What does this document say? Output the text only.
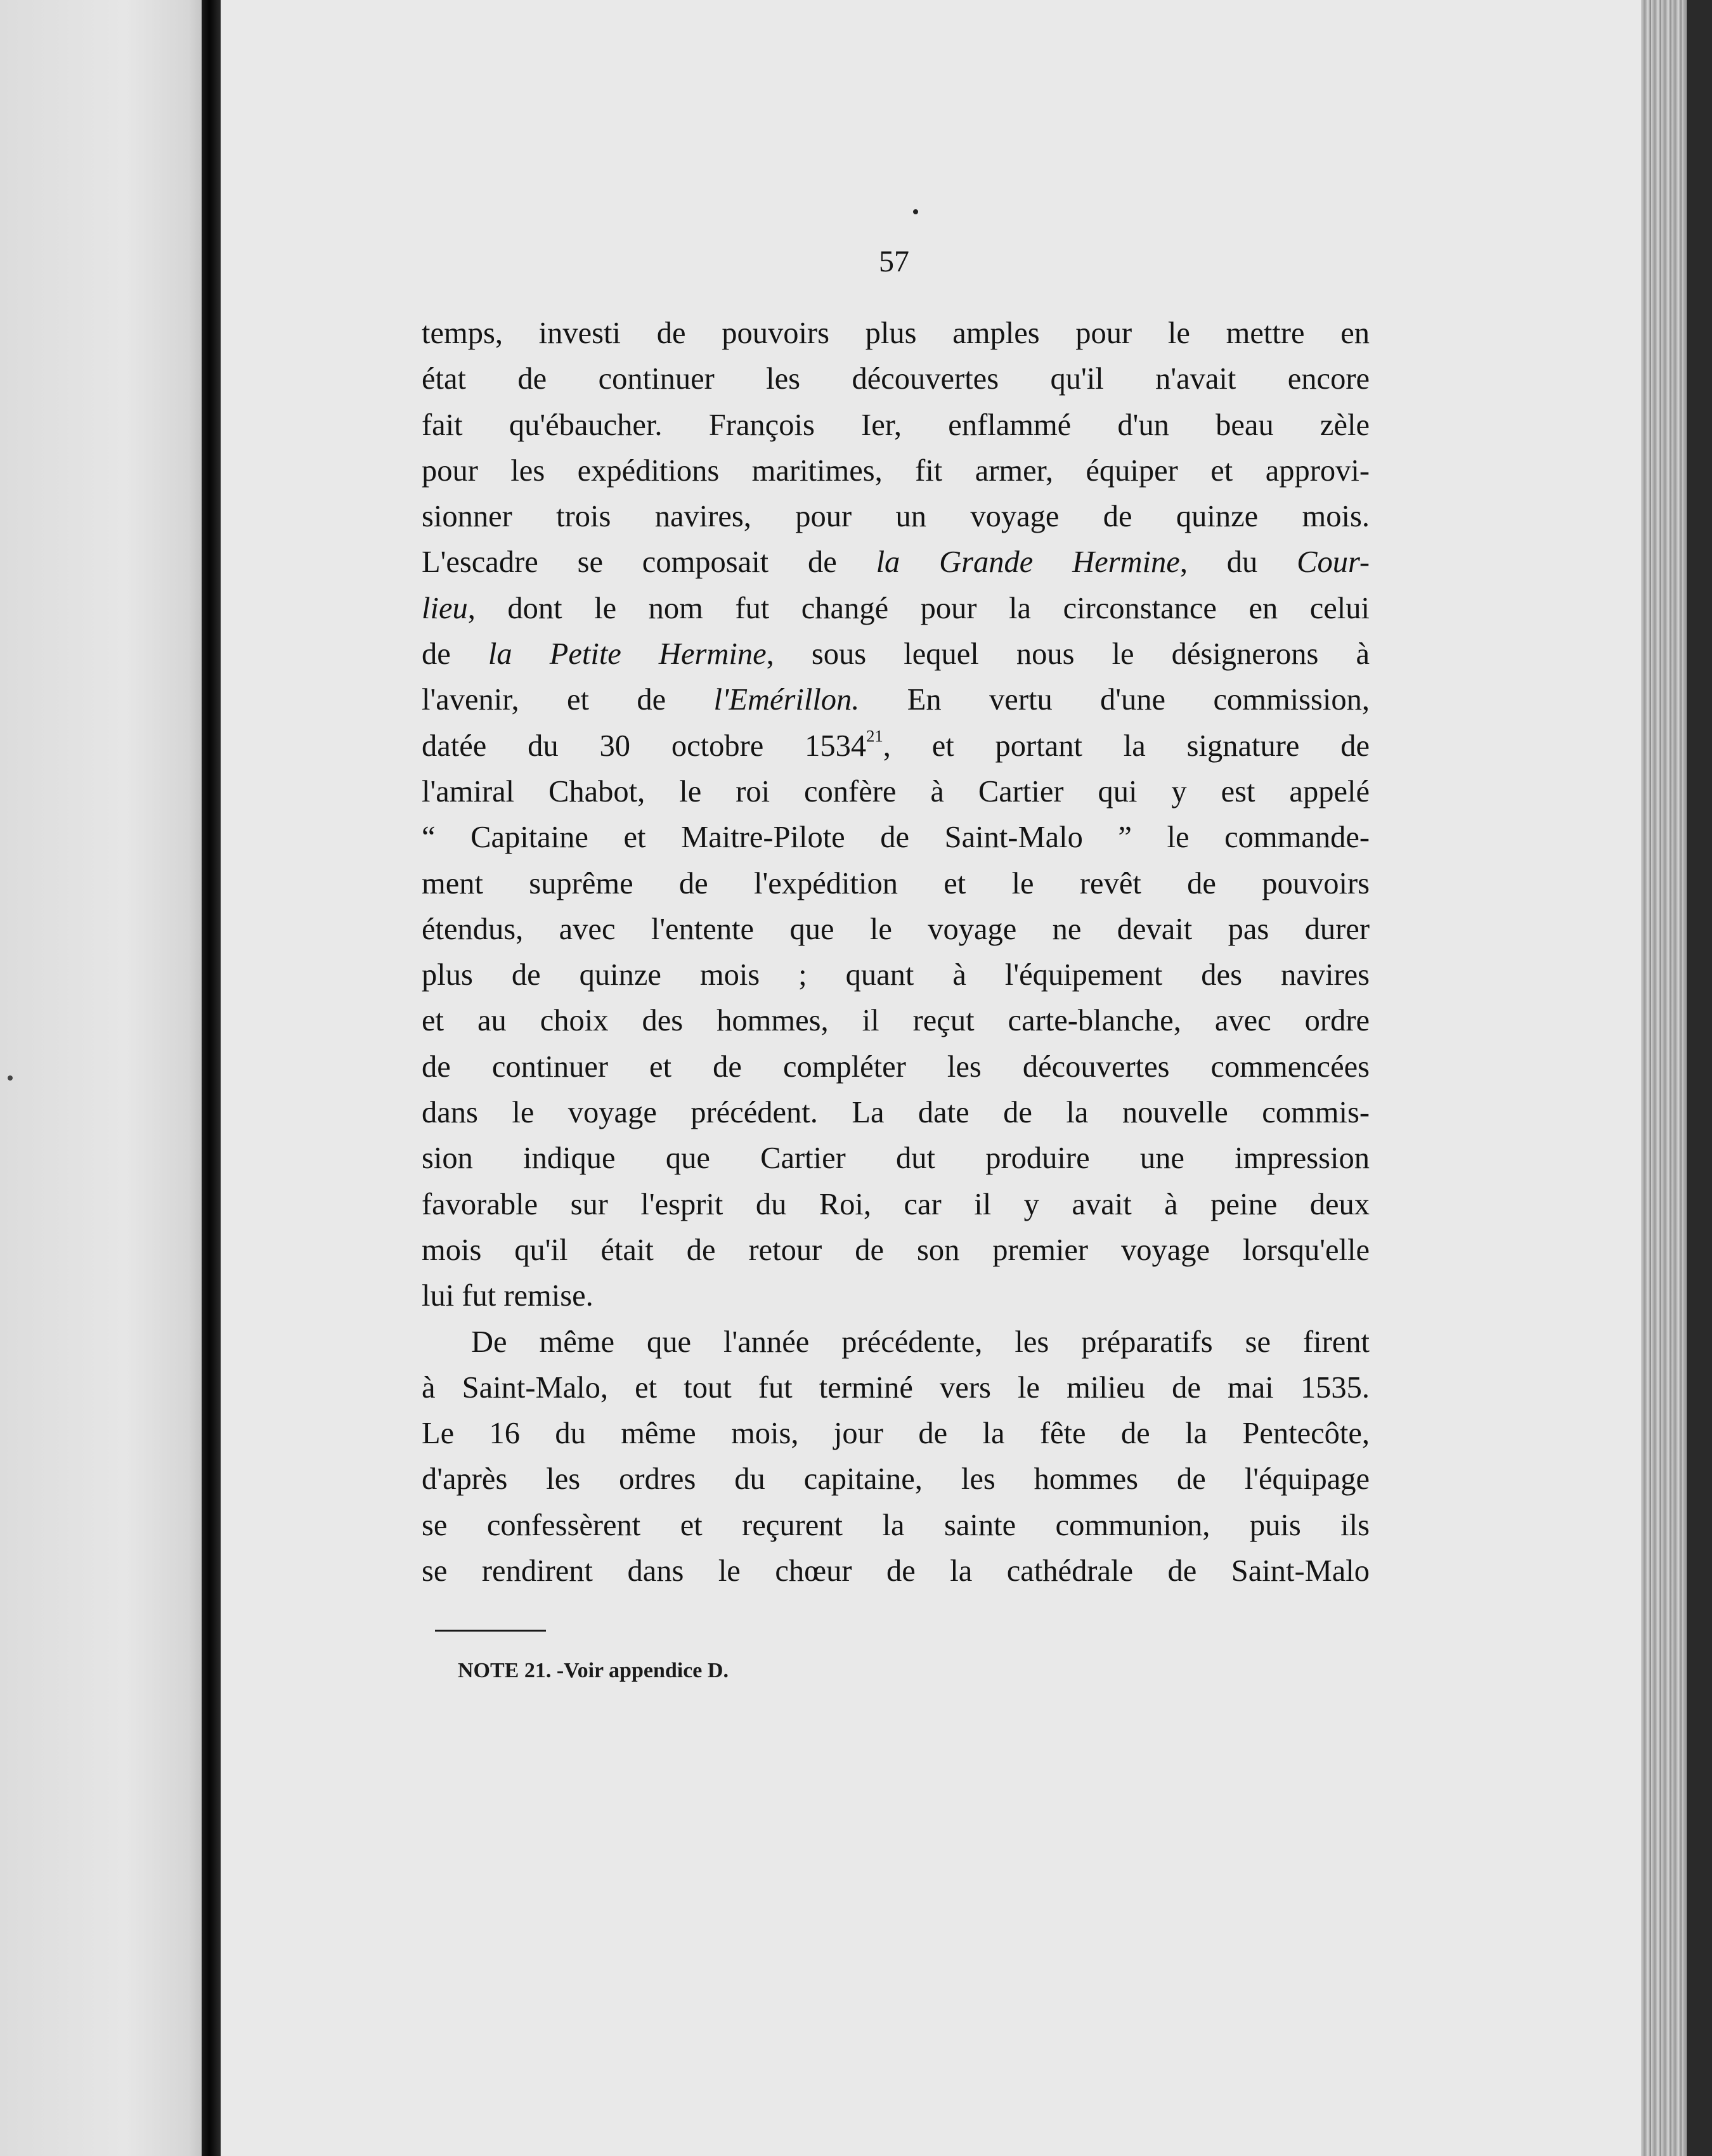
57
temps, investi de pouvoirs plus amples pour le mettre en
état de continuer les découvertes qu'il n'avait encore
fait qu'ébaucher. François Ier, enflammé d'un beau zèle
pour les expéditions maritimes, fit armer, équiper et approvi-
sionner trois navires, pour un voyage de quinze mois.
L'escadre se composait de la Grande Hermine, du Cour-
lieu, dont le nom fut changé pour la circonstance en celui
de la Petite Hermine, sous lequel nous le désignerons à
l'avenir, et de l'Emérillon. En vertu d'une commission,
datée du 30 octobre 1534$^{21}$, et portant la signature de
l'amiral Chabot, le roi confère à Cartier qui y est appelé
“ Capitaine et Maitre-Pilote de Saint-Malo ” le commande-
ment suprême de l'expédition et le revêt de pouvoirs
étendus, avec l'entente que le voyage ne devait pas durer
plus de quinze mois ; quant à l'équipement des navires
et au choix des hommes, il reçut carte-blanche, avec ordre
de continuer et de compléter les découvertes commencées
dans le voyage précédent. La date de la nouvelle commis-
sion indique que Cartier dut produire une impression
favorable sur l'esprit du Roi, car il y avait à peine deux
mois qu'il était de retour de son premier voyage lorsqu'elle
lui fut remise.
De même que l'année précédente, les préparatifs se firent
à Saint-Malo, et tout fut terminé vers le milieu de mai 1535.
Le 16 du même mois, jour de la fête de la Pentecôte,
d'après les ordres du capitaine, les hommes de l'équipage
se confessèrent et reçurent la sainte communion, puis ils
se rendirent dans le chœur de la cathédrale de Saint-Malo
NOTE 21. -Voir appendice D.
